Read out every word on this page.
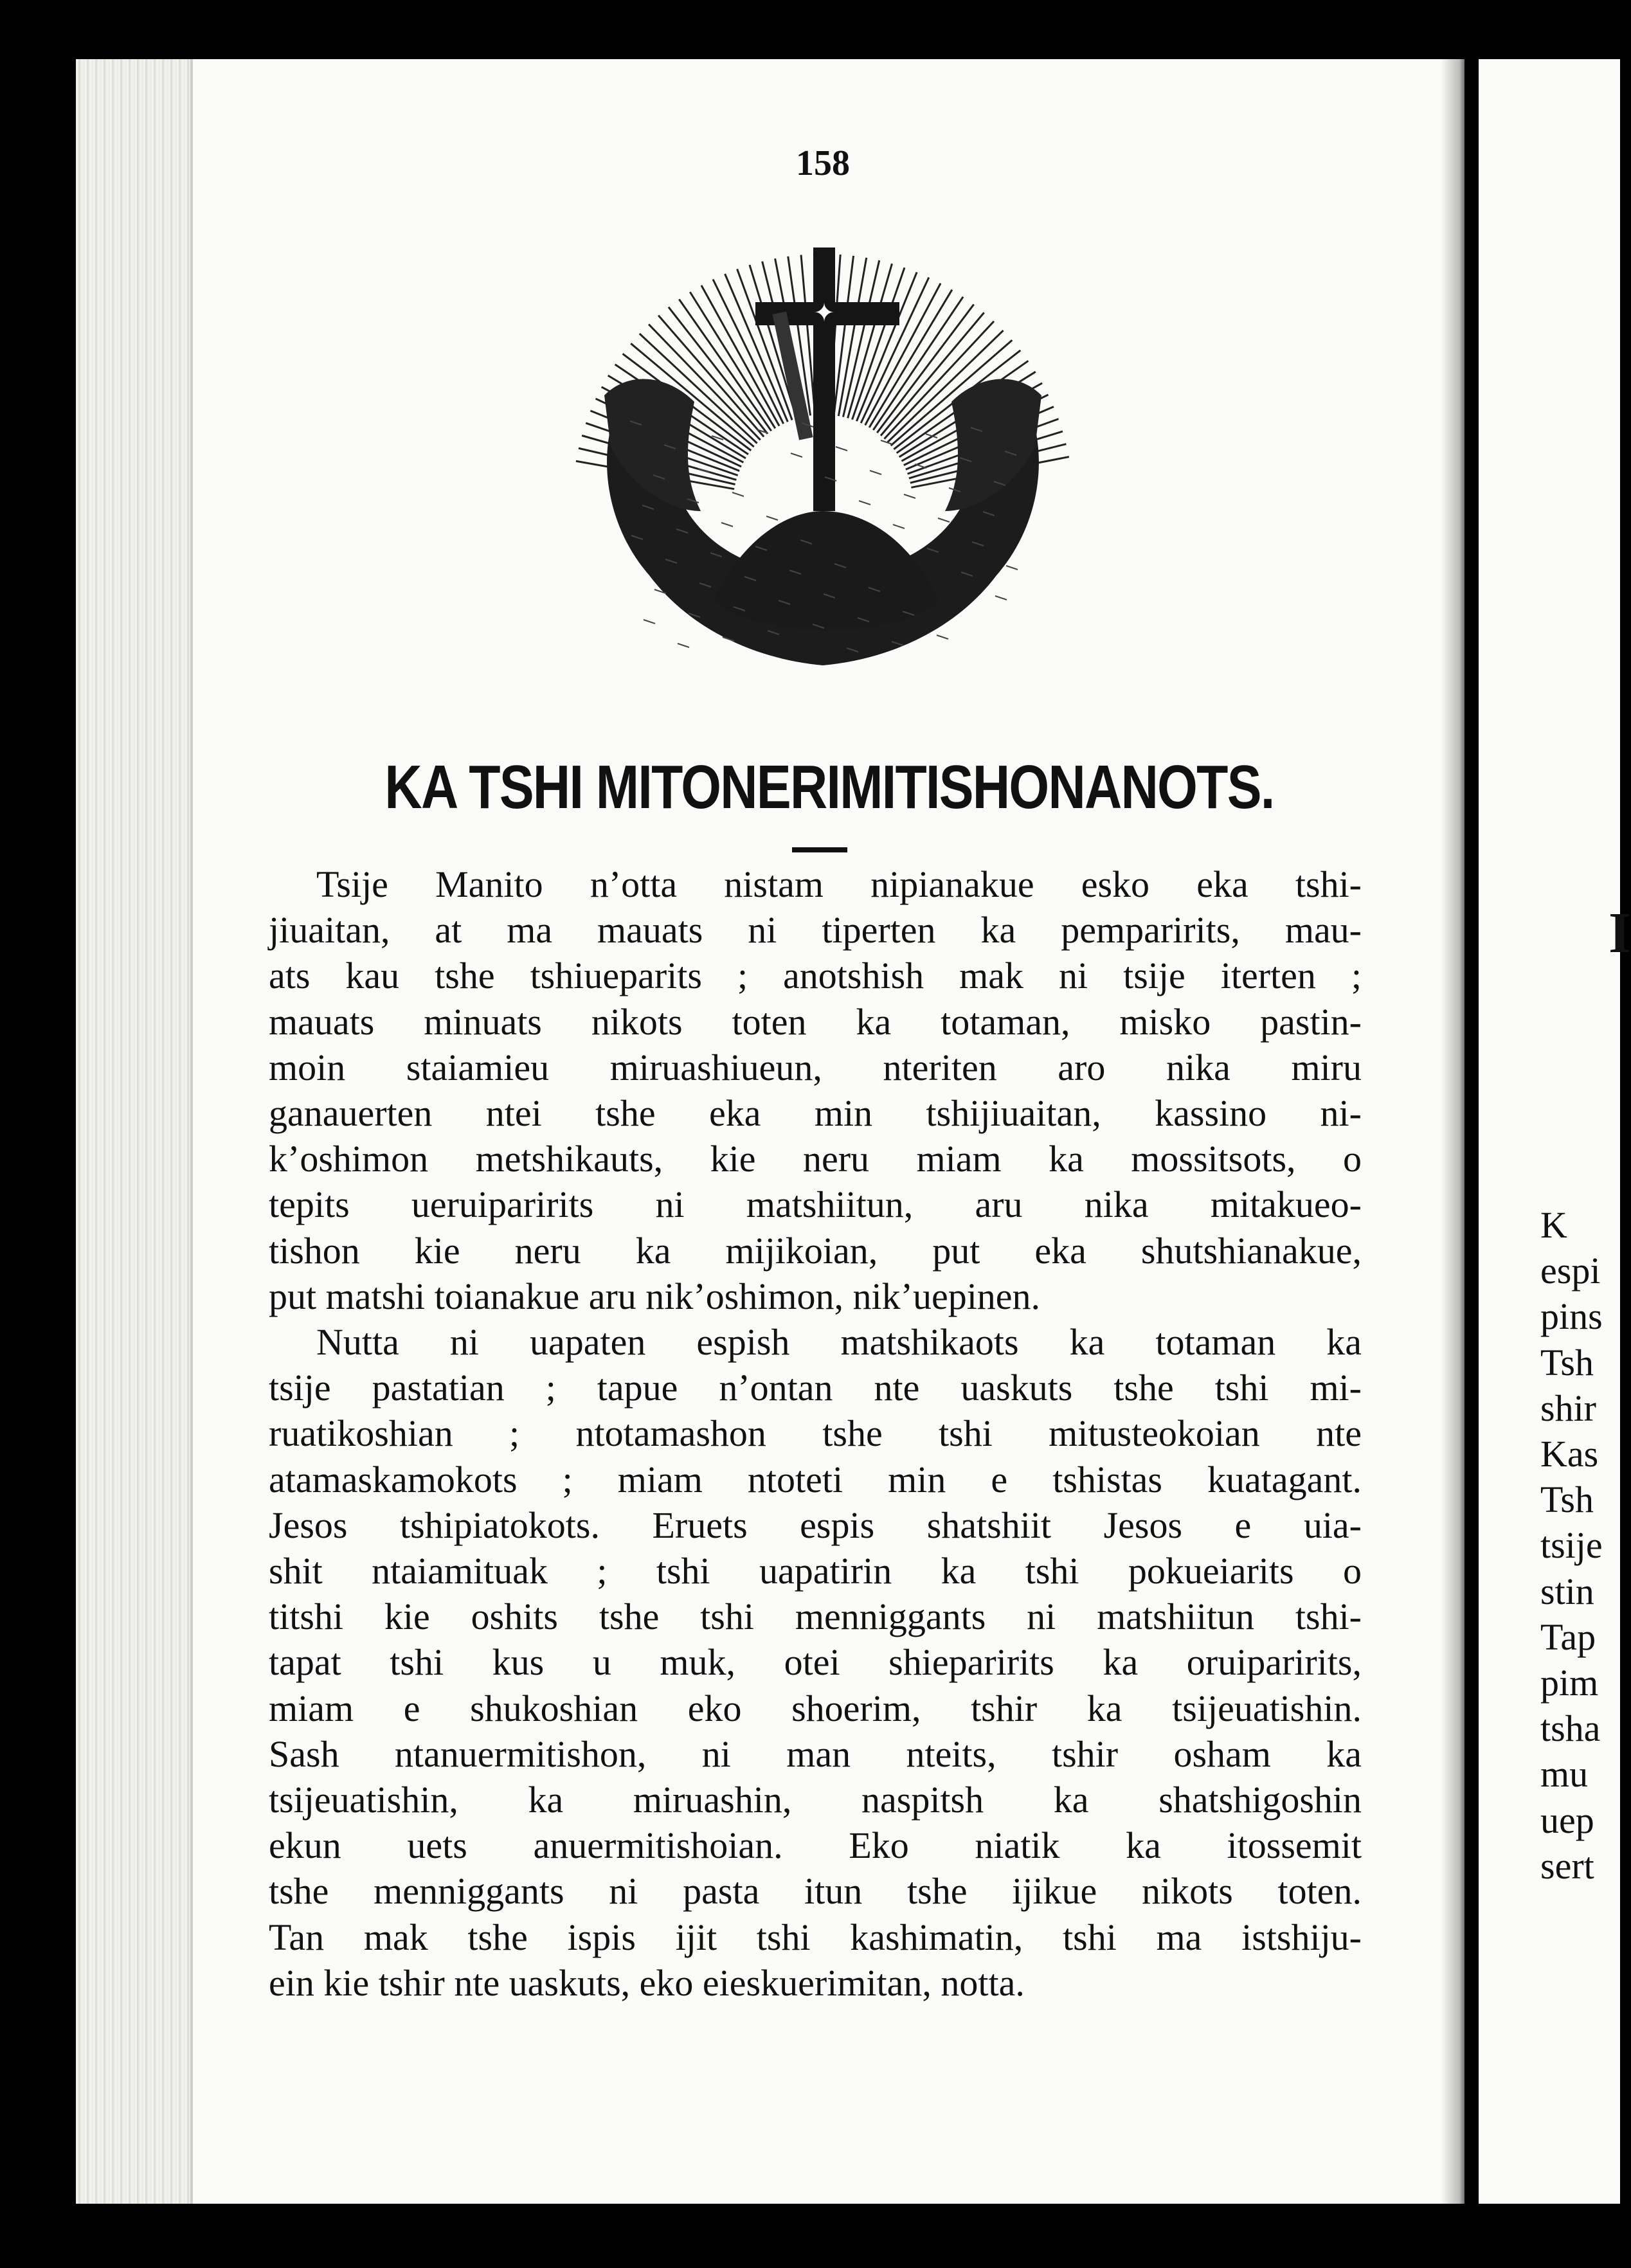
158
✦
KA TSHI MITONERIMITISHONANOTS.
Tsije Manito n’otta nistam nipianakue esko eka tshi-
jiuaitan, at ma mauats ni tiperten ka pemparirits, mau-
ats kau tshe tshiueparits ; anotshish mak ni tsije iterten ;
mauats minuats nikots toten ka totaman, misko pastin-
moin staiamieu miruashiueun, nteriten aro nika miru
ganauerten ntei tshe eka min tshijiuaitan, kassino ni-
k’oshimon metshikauts, kie neru miam ka mossitsots, o
tepits ueruiparirits ni matshiitun, aru nika mitakueo-
tishon kie neru ka mijikoian, put eka shutshianakue,
put matshi toianakue aru nik’oshimon, nik’uepinen.
Nutta ni uapaten espish matshikaots ka totaman ka
tsije pastatian ; tapue n’ontan nte uaskuts tshe tshi mi-
ruatikoshian ; ntotamashon tshe tshi mitusteokoian nte
atamaskamokots ; miam ntoteti min e tshistas kuatagant.
Jesos tshipiatokots. Eruets espis shatshiit Jesos e uia-
shit ntaiamituak ; tshi uapatirin ka tshi pokueiarits o
titshi kie oshits tshe tshi menniggants ni matshiitun tshi-
tapat tshi kus u muk, otei shieparirits ka oruiparirits,
miam e shukoshian eko shoerim, tshir ka tsijeuatishin.
Sash ntanuermitishon, ni man nteits, tshir osham ka
tsijeuatishin, ka miruashin, naspitsh ka shatshigoshin
ekun uets anuermitishoian. Eko niatik ka itossemit
tshe menniggants ni pasta itun tshe ijikue nikots toten.
Tan mak tshe ispis ijit tshi kashimatin, tshi ma istshiju-
ein kie tshir nte uaskuts, eko eieskuerimitan, notta.
I
K
espi
pins
Tsh
shir
Kas
Tsh
tsije
stin
Tap
pim
tsha
mu
uep
sert
